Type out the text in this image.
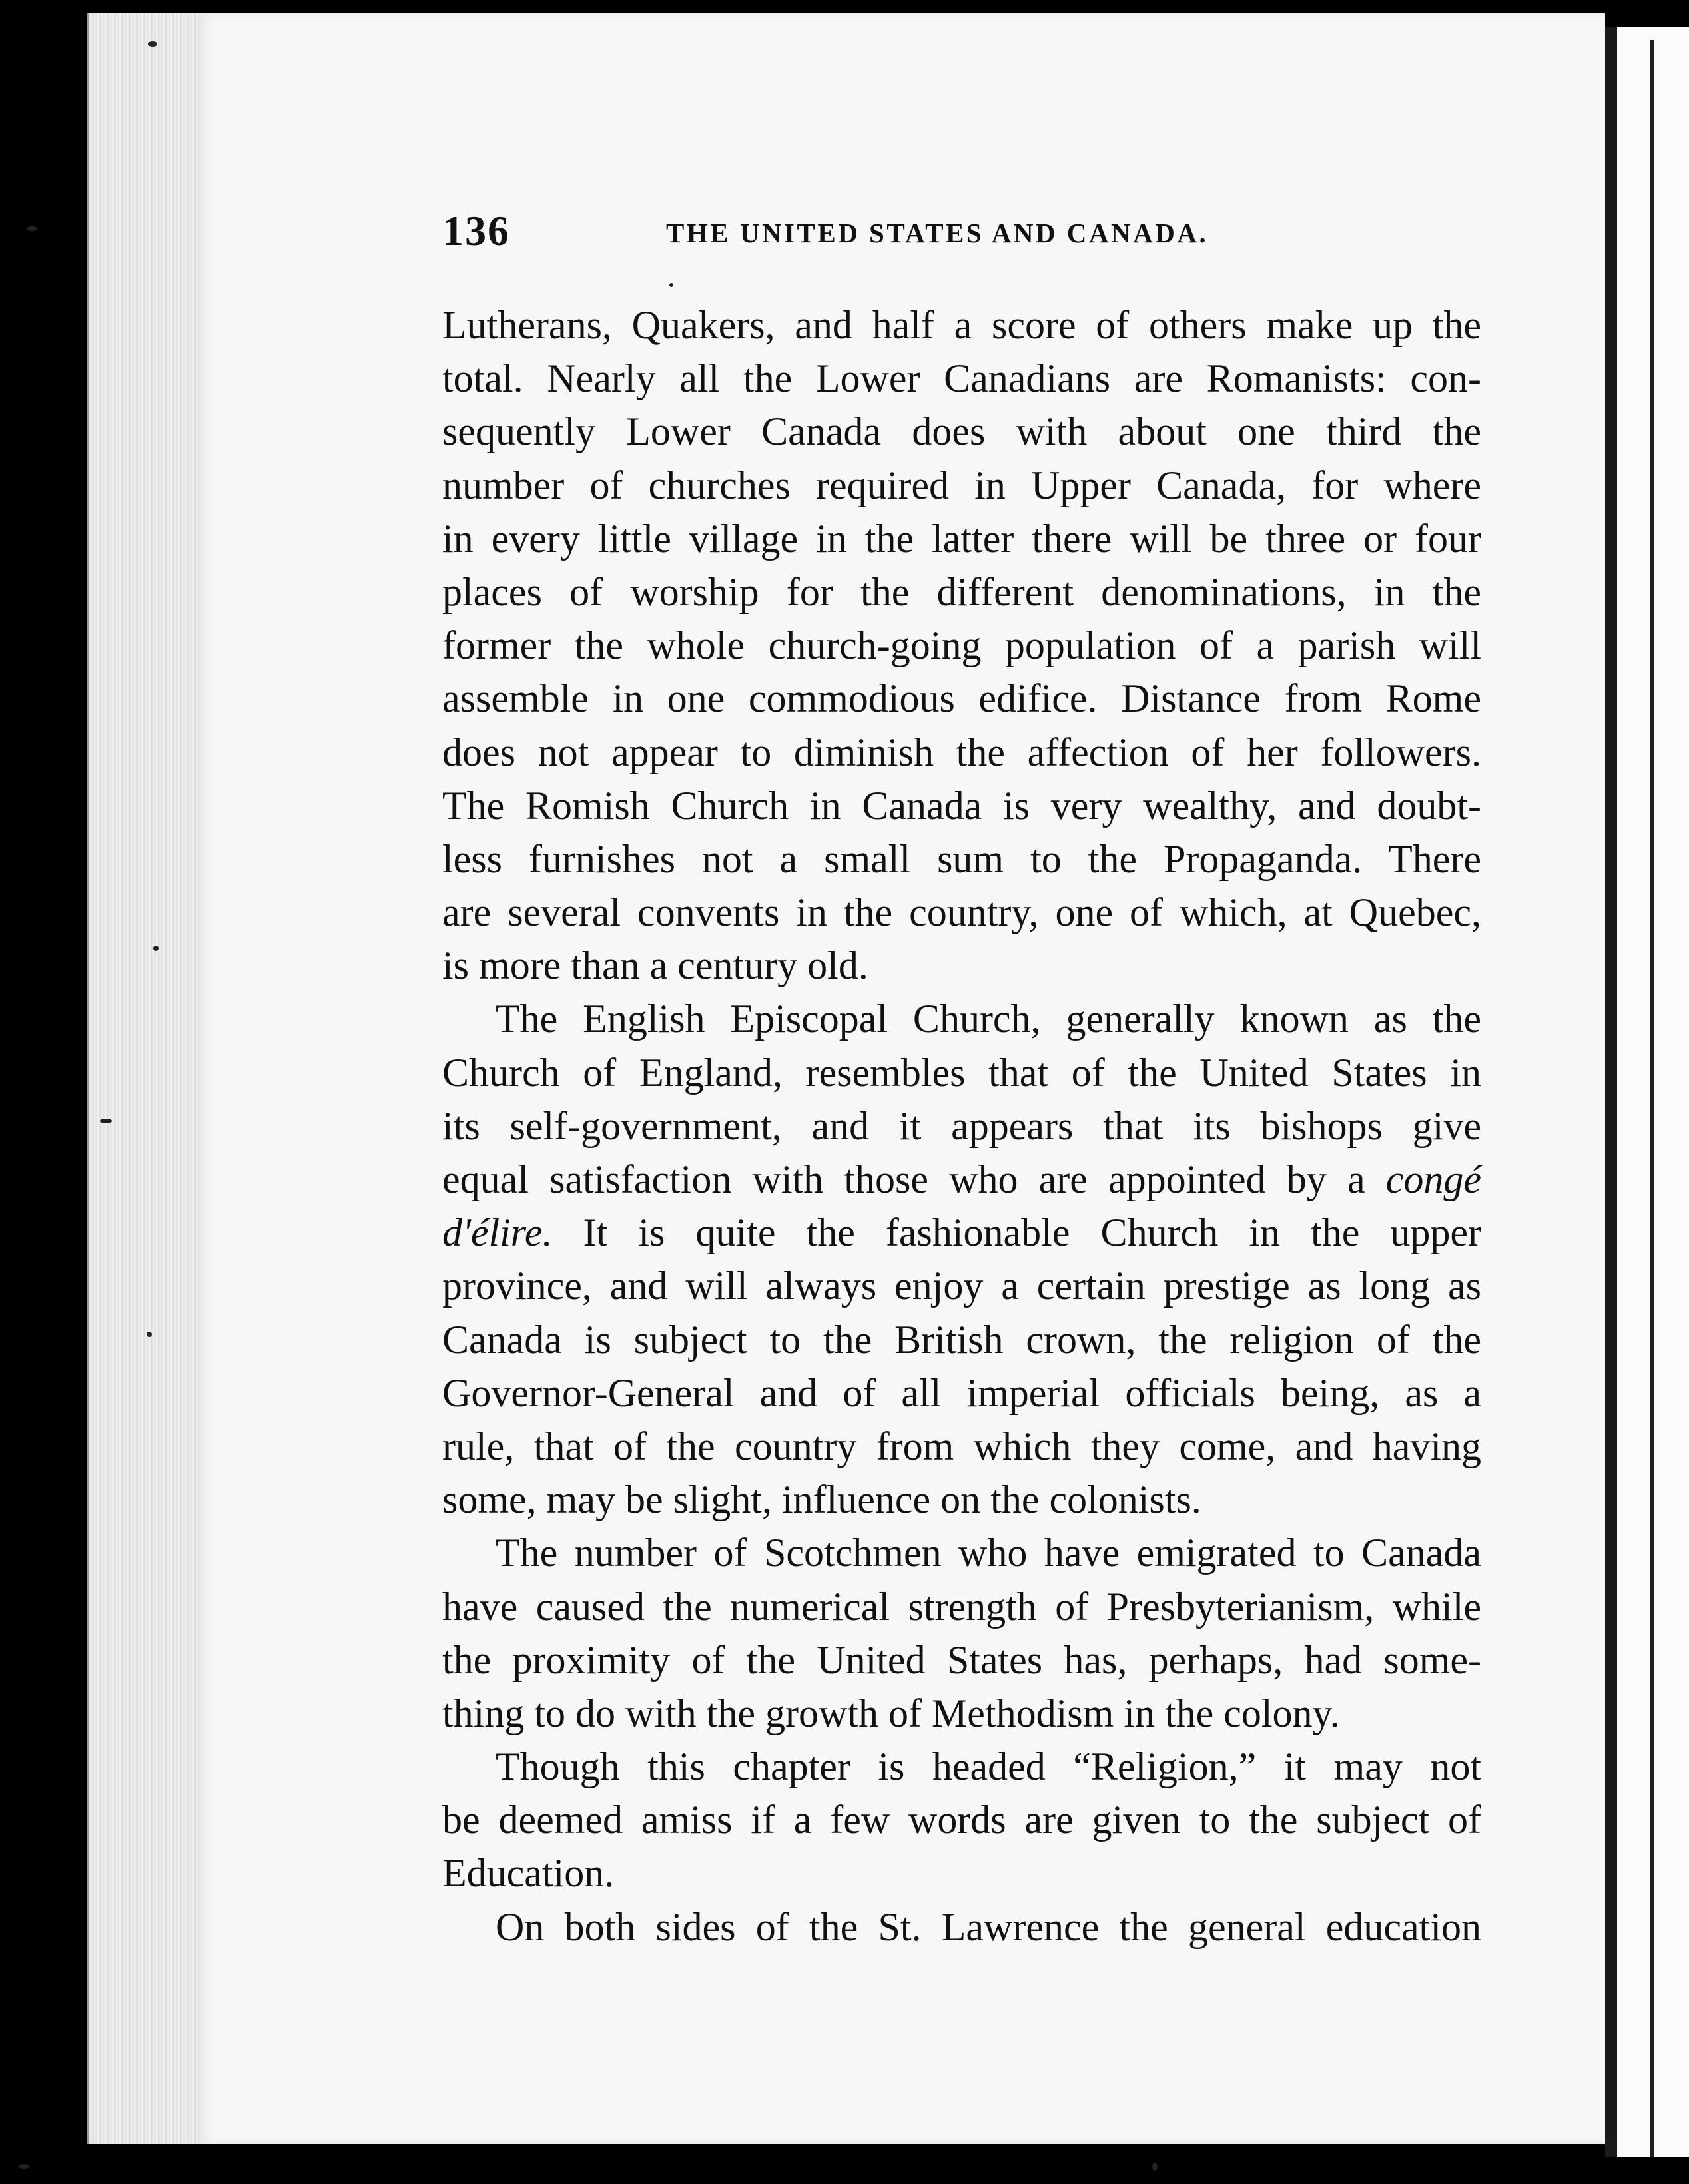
136	THE UNITED STATES AND CANADA.
Lutherans, Quakers, and half a score of others make up the
total. Nearly all the Lower Canadians are Romanists: con-
sequently Lower Canada does with about one third the
number of churches required in Upper Canada, for where
in every little village in the latter there will be three or four
places of worship for the different denominations, in the
former the whole church-going population of a parish will
assemble in one commodious edifice. Distance from Rome
does not appear to diminish the affection of her followers.
The Romish Church in Canada is very wealthy, and doubt-
less furnishes not a small sum to the Propaganda. There
are several convents in the country, one of which, at Quebec,
is more than a century old.
The English Episcopal Church, generally known as the
Church of England, resembles that of the United States in
its self-government, and it appears that its bishops give
equal satisfaction with those who are appointed by a congé
d'élire. It is quite the fashionable Church in the upper
province, and will always enjoy a certain prestige as long as
Canada is subject to the British crown, the religion of the
Governor-General and of all imperial officials being, as a
rule, that of the country from which they come, and having
some, may be slight, influence on the colonists.
The number of Scotchmen who have emigrated to Canada
have caused the numerical strength of Presbyterianism, while
the proximity of the United States has, perhaps, had some-
thing to do with the growth of Methodism in the colony.
Though this chapter is headed “Religion,” it may not
be deemed amiss if a few words are given to the subject of
Education.
On both sides of the St. Lawrence the general education
